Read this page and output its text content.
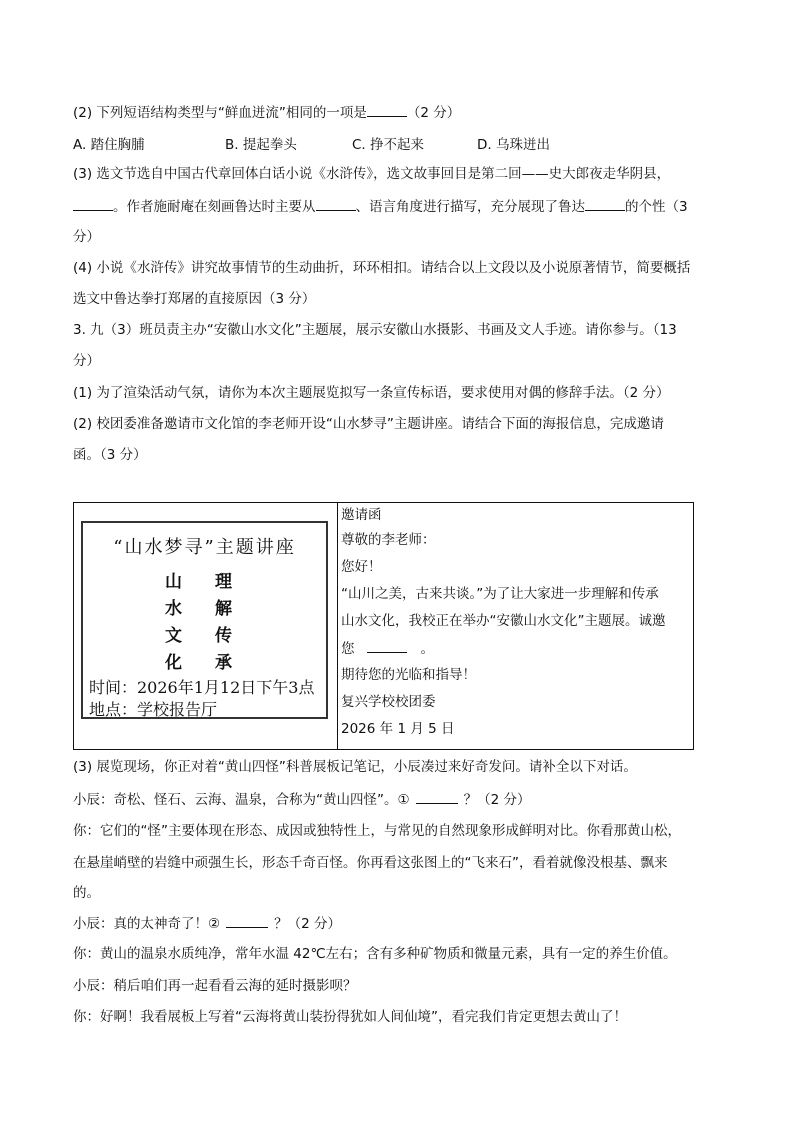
(2) 下列短语结构类型与“鲜血迸流”相同的一项是	（2 分）
A. 踏住胸脯	B. 提起拳头	C. 挣不起来	D. 乌珠迸出
(3) 选文节选自中国古代章回体白话小说《水浒传》，选文故事回目是第二回——史大郎夜走华阴县，
。作者施耐庵在刻画鲁达时主要从	、语言角度进行描写，充分展现了鲁达	的个性（3
分）
(4) 小说《水浒传》讲究故事情节的生动曲折，环环相扣。请结合以上文段以及小说原著情节，简要概括
选文中鲁达拳打郑屠的直接原因（3 分）
3. 九（3）班员责主办“安徽山水文化”主题展，展示安徽山水摄影、书画及文人手迹。请你参与。（13
分）
(1) 为了渲染活动气氛，请你为本次主题展览拟写一条宣传标语，要求使用对偶的修辞手法。（2 分）
(2) 校团委准备邀请市文化馆的李老师开设“山水梦寻”主题讲座。请结合下面的海报信息，完成邀请
函。（3 分）

“山水梦寻”主题讲座
山
水
文
化
理
解
传
承
时间：2026年1月12日下午3点
地点：学校报告厅
邀请函
尊敬的李老师：
您好！
“山川之美，古来共谈。”为了让大家进一步理解和传承
山水文化，我校正在举办“安徽山水文化”主题展。诚邀
您	。
期待您的光临和指导！
复兴学校校团委
2026 年 1 月 5 日
(3) 展览现场，你正对着“黄山四怪”科普展板记笔记，小辰凑过来好奇发问。请补全以下对话。
小辰：奇松、怪石、云海、温泉，合称为“黄山四怪”。①	？（2 分）
你：它们的“怪”主要体现在形态、成因或独特性上，与常见的自然现象形成鲜明对比。你看那黄山松，
在悬崖峭壁的岩缝中顽强生长，形态千奇百怪。你再看这张图上的“飞来石”，看着就像没根基、飘来
的。
小辰：真的太神奇了！②	？（2 分）
你：黄山的温泉水质纯净，常年水温 42℃左右；含有多种矿物质和微量元素，具有一定的养生价值。
小辰：稍后咱们再一起看看云海的延时摄影呗？
你：好啊！我看展板上写着“云海将黄山装扮得犹如人间仙境”，看完我们肯定更想去黄山了！
